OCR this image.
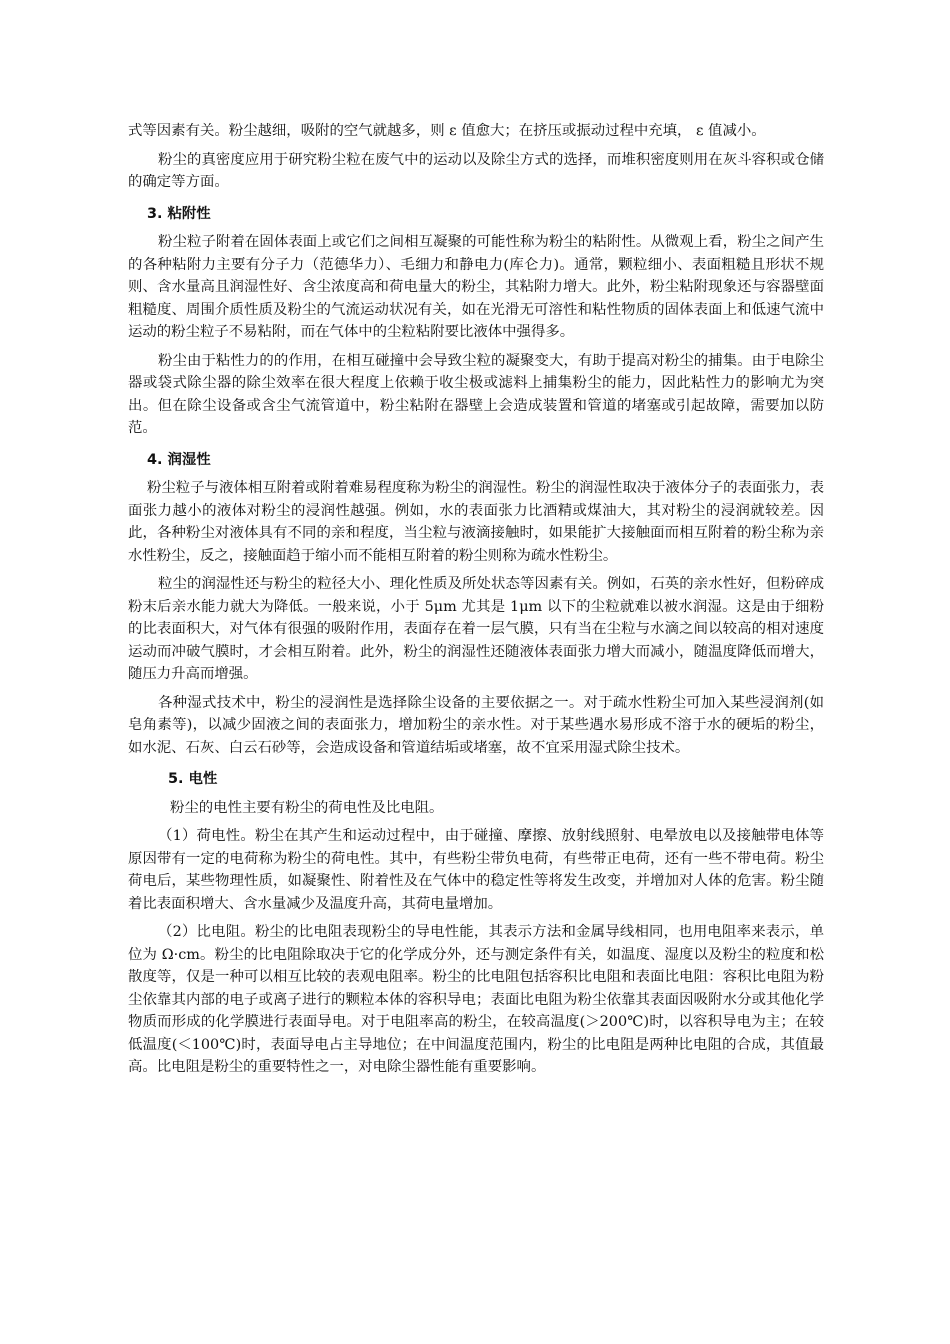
式等因素有关。粉尘越细，吸附的空气就越多，则 ε 值愈大；在挤压或振动过程中充填， ε 值减小。

粉尘的真密度应用于研究粉尘粒在废气中的运动以及除尘方式的选择，而堆积密度则用在灰斗容积或仓储的确定等方面。

3. 粘附性

粉尘粒子附着在固体表面上或它们之间相互凝聚的可能性称为粉尘的粘附性。从微观上看，粉尘之间产生的各种粘附力主要有分子力（范德华力）、毛细力和静电力(库仑力)。通常，颗粒细小、表面粗糙且形状不规则、含水量高且润湿性好、含尘浓度高和荷电量大的粉尘，其粘附力增大。此外，粉尘粘附现象还与容器壁面粗糙度、周围介质性质及粉尘的气流运动状况有关，如在光滑无可溶性和粘性物质的固体表面上和低速气流中运动的粉尘粒子不易粘附，而在气体中的尘粒粘附要比液体中强得多。

粉尘由于粘性力的的作用，在相互碰撞中会导致尘粒的凝聚变大，有助于提高对粉尘的捕集。由于电除尘器或袋式除尘器的除尘效率在很大程度上依赖于收尘极或滤料上捕集粉尘的能力，因此粘性力的影响尤为突出。但在除尘设备或含尘气流管道中，粉尘粘附在器壁上会造成装置和管道的堵塞或引起故障，需要加以防范。

4. 润湿性

粉尘粒子与液体相互附着或附着难易程度称为粉尘的润湿性。粉尘的润湿性取决于液体分子的表面张力，表面张力越小的液体对粉尘的浸润性越强。例如，水的表面张力比酒精或煤油大，其对粉尘的浸润就较差。因此，各种粉尘对液体具有不同的亲和程度，当尘粒与液滴接触时，如果能扩大接触面而相互附着的粉尘称为亲水性粉尘，反之，接触面趋于缩小而不能相互附着的粉尘则称为疏水性粉尘。

粒尘的润湿性还与粉尘的粒径大小、理化性质及所处状态等因素有关。例如，石英的亲水性好，但粉碎成粉末后亲水能力就大为降低。一般来说，小于 5μm 尤其是 1μm 以下的尘粒就难以被水润湿。这是由于细粉的比表面积大，对气体有很强的吸附作用，表面存在着一层气膜，只有当在尘粒与水滴之间以较高的相对速度运动而冲破气膜时，才会相互附着。此外，粉尘的润湿性还随液体表面张力增大而减小，随温度降低而增大，随压力升高而增强。

各种湿式技术中，粉尘的浸润性是选择除尘设备的主要依据之一。对于疏水性粉尘可加入某些浸润剂(如皂角素等)，以减少固液之间的表面张力，增加粉尘的亲水性。对于某些遇水易形成不溶于水的硬垢的粉尘，如水泥、石灰、白云石砂等，会造成设备和管道结垢或堵塞，故不宜采用湿式除尘技术。

5. 电性

粉尘的电性主要有粉尘的荷电性及比电阻。

（1）荷电性。粉尘在其产生和运动过程中，由于碰撞、摩擦、放射线照射、电晕放电以及接触带电体等原因带有一定的电荷称为粉尘的荷电性。其中，有些粉尘带负电荷，有些带正电荷，还有一些不带电荷。粉尘荷电后，某些物理性质，如凝聚性、附着性及在气体中的稳定性等将发生改变，并增加对人体的危害。粉尘随着比表面积增大、含水量减少及温度升高，其荷电量增加。

（2）比电阻。粉尘的比电阻表现粉尘的导电性能，其表示方法和金属导线相同，也用电阻率来表示，单位为 Ω·cm。粉尘的比电阻除取决于它的化学成分外，还与测定条件有关，如温度、湿度以及粉尘的粒度和松散度等，仅是一种可以相互比较的表观电阻率。粉尘的比电阻包括容积比电阻和表面比电阻：容积比电阻为粉尘依靠其内部的电子或离子进行的颗粒本体的容积导电；表面比电阻为粉尘依靠其表面因吸附水分或其他化学物质而形成的化学膜进行表面导电。对于电阻率高的粉尘，在较高温度(＞200℃)时，以容积导电为主；在较低温度(＜100℃)时，表面导电占主导地位；在中间温度范围内，粉尘的比电阻是两种比电阻的合成，其值最高。比电阻是粉尘的重要特性之一，对电除尘器性能有重要影响。
